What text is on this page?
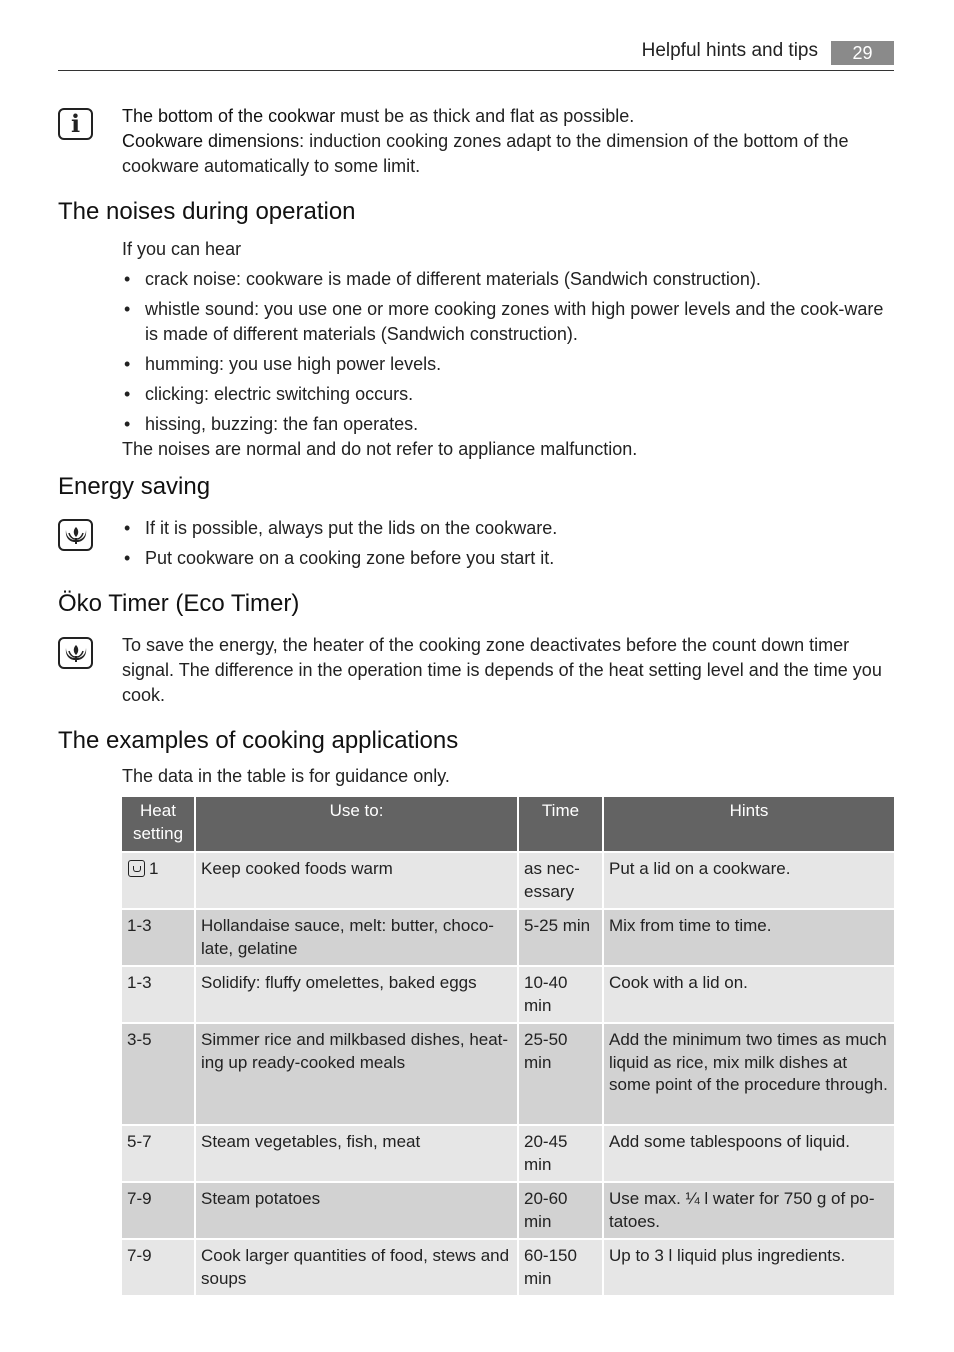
Helpful hints and tips	29
i The bottom of the cookwar must be as thick and flat as possible.
Cookware dimensions: induction cooking zones adapt to the dimension of the bottom of the cookware automatically to some limit.
The noises during operation
If you can hear
• crack noise: cookware is made of different materials (Sandwich construction).
• whistle sound: you use one or more cooking zones with high power levels and the cook-ware is made of different materials (Sandwich construction).
• humming: you use high power levels.
• clicking: electric switching occurs.
• hissing, buzzing: the fan operates.
The noises are normal and do not refer to appliance malfunction.
Energy saving
• If it is possible, always put the lids on the cookware.
• Put cookware on a cooking zone before you start it.
Öko Timer (Eco Timer)
To save the energy, the heater of the cooking zone deactivates before the count down timer signal. The difference in the operation time is depends of the heat setting level and the time you cook.
The examples of cooking applications
The data in the table is for guidance only.
Heat setting	Use to:	Time	Hints
1	Keep cooked foods warm	as nec-essary	Put a lid on a cookware.
1-3	Hollandaise sauce, melt: butter, choco-late, gelatine	5-25 min	Mix from time to time.
1-3	Solidify: fluffy omelettes, baked eggs	10-40 min	Cook with a lid on.
3-5	Simmer rice and milkbased dishes, heat-ing up ready-cooked meals	25-50 min	Add the minimum two times as much liquid as rice, mix milk dishes at some point of the procedure through.
5-7	Steam vegetables, fish, meat	20-45 min	Add some tablespoons of liquid.
7-9	Steam potatoes	20-60 min	Use max. ¼ l water for 750 g of po-tatoes.
7-9	Cook larger quantities of food, stews and soups	60-150 min	Up to 3 l liquid plus ingredients.
